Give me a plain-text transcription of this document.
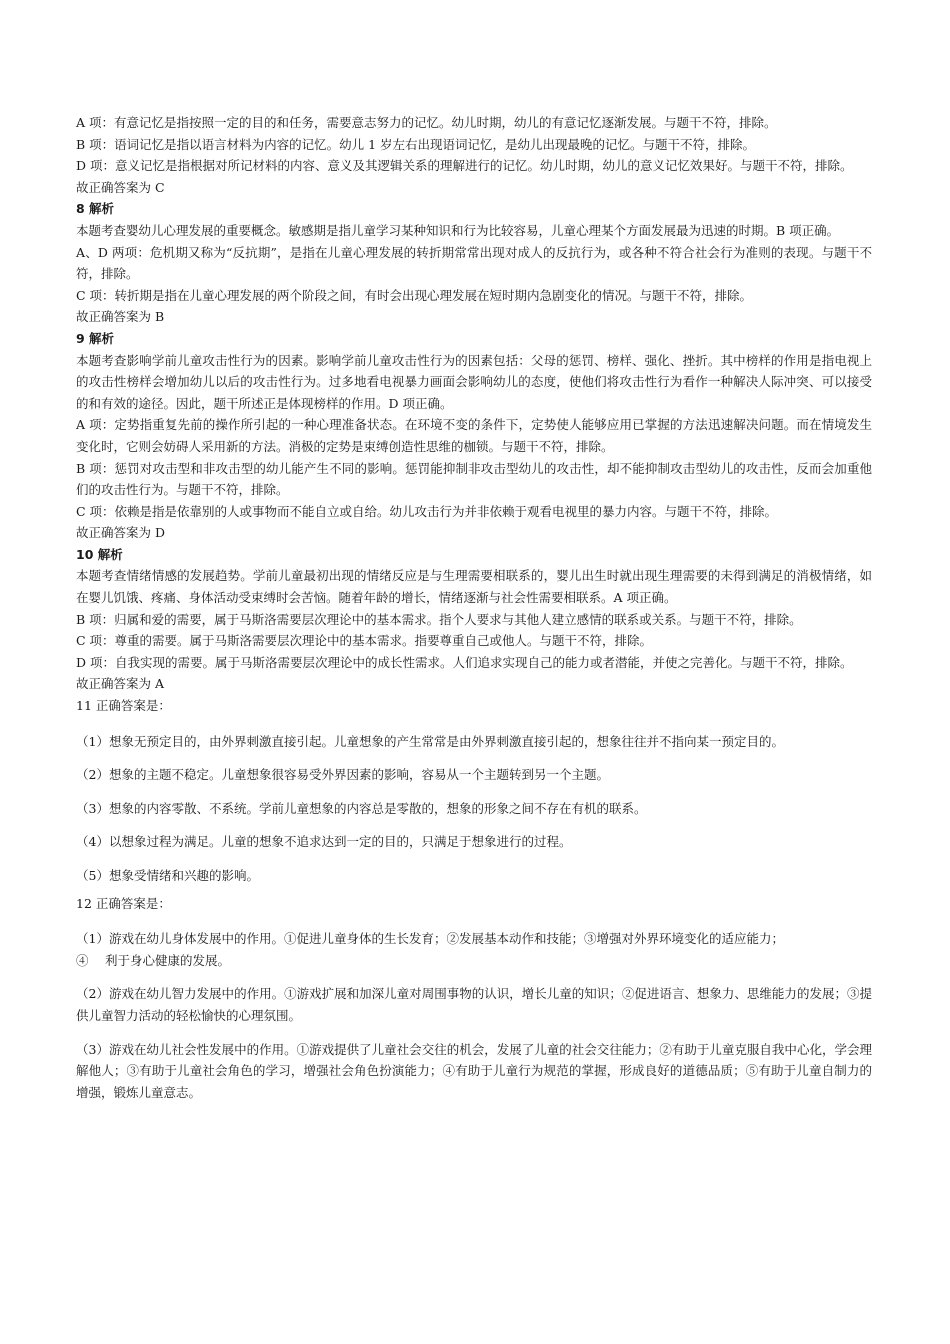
A 项：有意记忆是指按照一定的目的和任务，需要意志努力的记忆。幼儿时期，幼儿的有意记忆逐渐发展。与题干不符，排除。

B 项：语词记忆是指以语言材料为内容的记忆。幼儿 1 岁左右出现语词记忆，是幼儿出现最晚的记忆。与题干不符，排除。

D 项：意义记忆是指根据对所记材料的内容、意义及其逻辑关系的理解进行的记忆。幼儿时期，幼儿的意义记忆效果好。与题干不符，排除。

故正确答案为 C

8 解析

本题考查婴幼儿心理发展的重要概念。敏感期是指儿童学习某种知识和行为比较容易，儿童心理某个方面发展最为迅速的时期。B 项正确。

A、D 两项：危机期又称为“反抗期”，是指在儿童心理发展的转折期常常出现对成人的反抗行为，或各种不符合社会行为准则的表现。与题干不符，排除。

C 项：转折期是指在儿童心理发展的两个阶段之间，有时会出现心理发展在短时期内急剧变化的情况。与题干不符，排除。

故正确答案为 B

9 解析

本题考查影响学前儿童攻击性行为的因素。影响学前儿童攻击性行为的因素包括：父母的惩罚、榜样、强化、挫折。其中榜样的作用是指电视上的攻击性榜样会增加幼儿以后的攻击性行为。过多地看电视暴力画面会影响幼儿的态度，使他们将攻击性行为看作一种解决人际冲突、可以接受的和有效的途径。因此，题干所述正是体现榜样的作用。D 项正确。

A 项：定势指重复先前的操作所引起的一种心理准备状态。在环境不变的条件下，定势使人能够应用已掌握的方法迅速解决问题。而在情境发生变化时，它则会妨碍人采用新的方法。消极的定势是束缚创造性思维的枷锁。与题干不符，排除。

B 项：惩罚对攻击型和非攻击型的幼儿能产生不同的影响。惩罚能抑制非攻击型幼儿的攻击性，却不能抑制攻击型幼儿的攻击性，反而会加重他们的攻击性行为。与题干不符，排除。

C 项：依赖是指是依靠别的人或事物而不能自立或自给。幼儿攻击行为并非依赖于观看电视里的暴力内容。与题干不符，排除。

故正确答案为 D

10 解析

本题考查情绪情感的发展趋势。学前儿童最初出现的情绪反应是与生理需要相联系的，婴儿出生时就出现生理需要的未得到满足的消极情绪，如在婴儿饥饿、疼痛、身体活动受束缚时会苦恼。随着年龄的增长，情绪逐渐与社会性需要相联系。A 项正确。

B 项：归属和爱的需要，属于马斯洛需要层次理论中的基本需求。指个人要求与其他人建立感情的联系或关系。与题干不符，排除。

C 项：尊重的需要。属于马斯洛需要层次理论中的基本需求。指要尊重自己或他人。与题干不符，排除。

D 项：自我实现的需要。属于马斯洛需要层次理论中的成长性需求。人们追求实现自己的能力或者潜能，并使之完善化。与题干不符，排除。

故正确答案为 A

11 正确答案是：

（1）想象无预定目的，由外界刺激直接引起。儿童想象的产生常常是由外界刺激直接引起的，想象往往并不指向某一预定目的。

（2）想象的主题不稳定。儿童想象很容易受外界因素的影响，容易从一个主题转到另一个主题。

（3）想象的内容零散、不系统。学前儿童想象的内容总是零散的，想象的形象之间不存在有机的联系。

（4）以想象过程为满足。儿童的想象不追求达到一定的目的，只满足于想象进行的过程。

（5）想象受情绪和兴趣的影响。

12 正确答案是：

（1）游戏在幼儿身体发展中的作用。①促进儿童身体的生长发育；②发展基本动作和技能；③增强对外界环境变化的适应能力；

④　 利于身心健康的发展。

（2）游戏在幼儿智力发展中的作用。①游戏扩展和加深儿童对周围事物的认识，增长儿童的知识；②促进语言、想象力、思维能力的发展；③提供儿童智力活动的轻松愉快的心理氛围。

（3）游戏在幼儿社会性发展中的作用。①游戏提供了儿童社会交往的机会，发展了儿童的社会交往能力；②有助于儿童克服自我中心化，学会理解他人；③有助于儿童社会角色的学习，增强社会角色扮演能力；④有助于儿童行为规范的掌握，形成良好的道德品质；⑤有助于儿童自制力的增强，锻炼儿童意志。
